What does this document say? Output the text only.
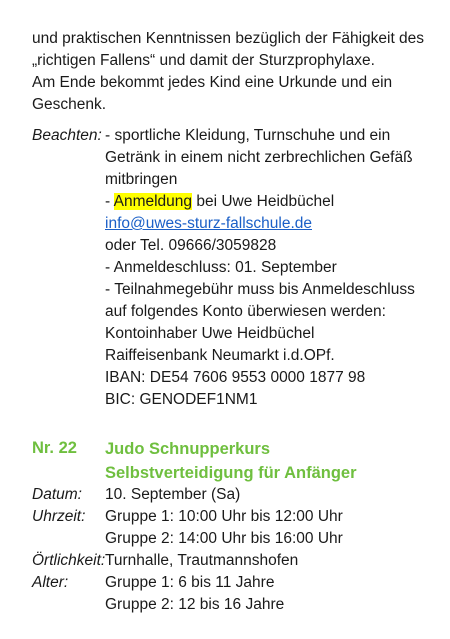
und praktischen Kenntnissen bezüglich der Fähigkeit des
„richtigen Fallens“ und damit der Sturzprophylaxe.
Am Ende bekommt jedes Kind eine Urkunde und ein
Geschenk.
Beachten: - sportliche Kleidung, Turnschuhe und ein
Getränk in einem nicht zerbrechlichen Gefäß
mitbringen
- Anmeldung bei Uwe Heidbüchel
info@uwes-sturz-fallschule.de
oder Tel. 09666/3059828
- Anmeldeschluss: 01. September
- Teilnahmegebühr muss bis Anmeldeschluss
auf folgendes Konto überwiesen werden:
Kontoinhaber Uwe Heidbüchel
Raiffeisenbank Neumarkt i.d.OPf.
IBAN: DE54 7606 9553 0000 1877 98
BIC: GENODEF1NM1
Nr. 22 Judo Schnupperkurs
Selbstverteidigung für Anfänger
Datum: 10. September (Sa)
Uhrzeit: Gruppe 1: 10:00 Uhr bis 12:00 Uhr
Gruppe 2: 14:00 Uhr bis 16:00 Uhr
Örtlichkeit: Turnhalle, Trautmannshofen
Alter: Gruppe 1: 6 bis 11 Jahre
Gruppe 2: 12 bis 16 Jahre
